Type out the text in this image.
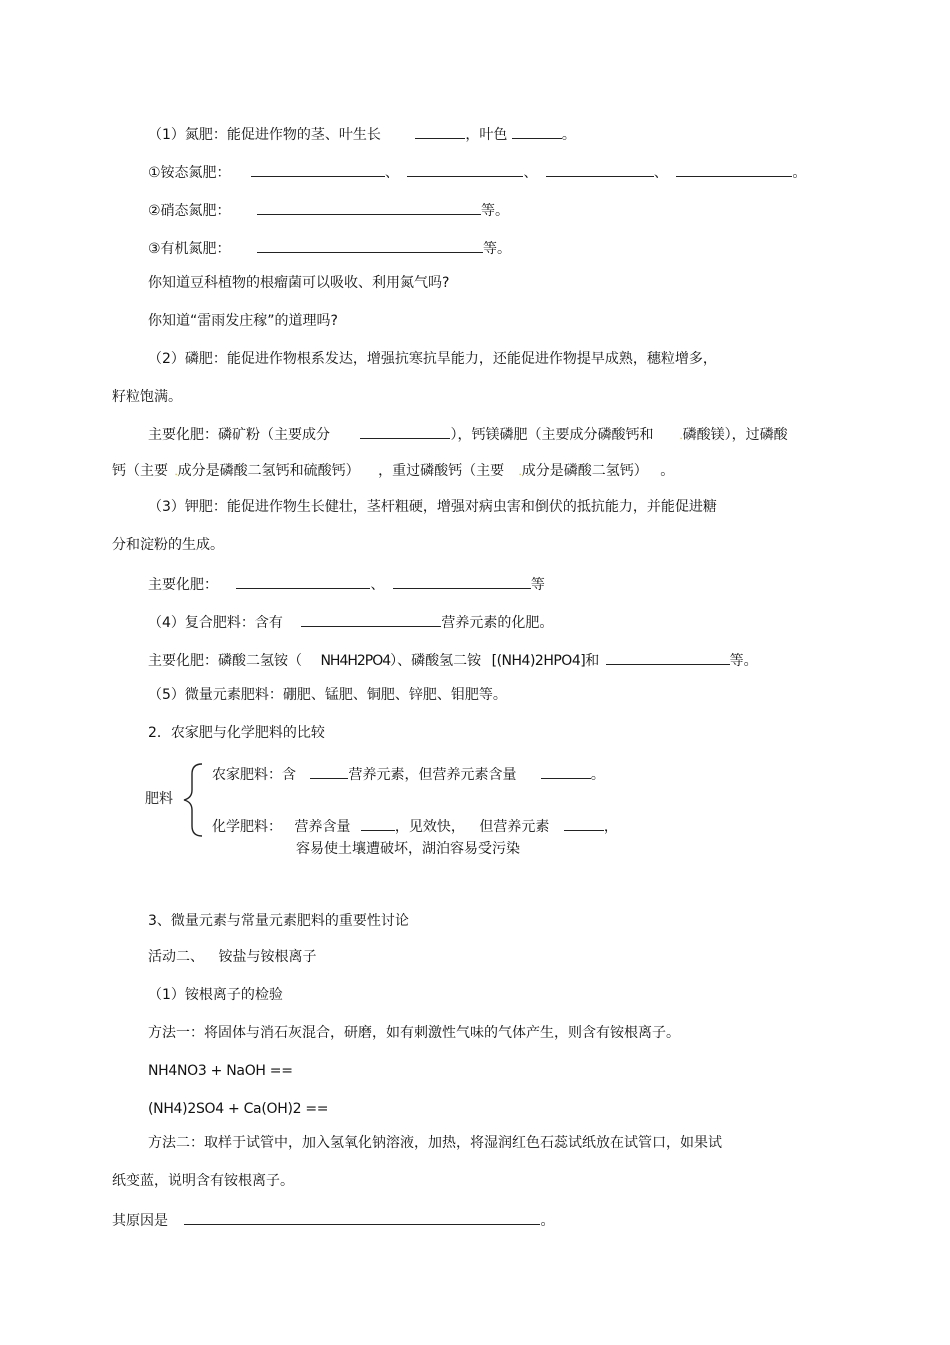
（1）氮肥：能促进作物的茎、叶生长	，叶色	。
①铵态氮肥：	、	、	、	。
②硝态氮肥：	等。
③有机氮肥：	等。
你知道豆科植物的根瘤菌可以吸收、利用氮气吗?
你知道“雷雨发庄稼”的道理吗?
（2）磷肥：能促进作物根系发达，增强抗寒抗旱能力，还能促进作物提早成熟，穗粒增多，
籽粒饱满。
主要化肥：磷矿粉（主要成分	），钙镁磷肥（主要成分磷酸钙和	.磷酸镁），过磷酸
钙（主要 .成分是磷酸二氢钙和硫酸钙） ，重过磷酸钙（主要 .成分是磷酸二氢钙） 。
（3）钾肥：能促进作物生长健壮，茎杆粗硬，增强对病虫害和倒伏的抵抗能力，并能促进糖
分和淀粉的生成。
主要化肥：	、	等
（4）复合肥料：含有	营养元素的化肥。
主要化肥：磷酸二氢铵（ NH4H2PO4）、磷酸氢二铵 [(NH4)2HPO4]和	等。
（5）微量元素肥料：硼肥、锰肥、铜肥、锌肥、钼肥等。
2．农家肥与化学肥料的比较
肥料
农家肥料：含	营养元素，但营养元素含量	。
化学肥料： 营养含量	，见效快， 但营养元素	，
容易使土壤遭破坏，湖泊容易受污染
3、微量元素与常量元素肥料的重要性讨论
活动二、 铵盐与铵根离子
（1）铵根离子的检验
方法一：将固体与消石灰混合，研磨，如有刺激性气味的气体产生，则含有铵根离子。
NH4NO3 + NaOH ==
(NH4)2SO4 + Ca(OH)2 ==
方法二：取样于试管中，加入氢氧化钠溶液，加热，将湿润红色石蕊试纸放在试管口，如果试
纸变蓝，说明含有铵根离子。
其原因是	。
